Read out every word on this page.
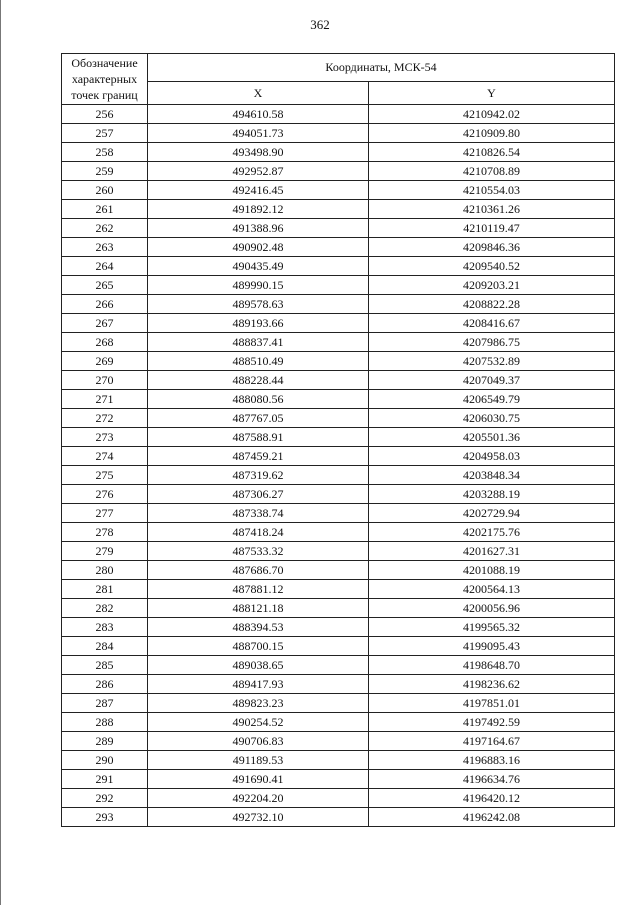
362
Обозначение характерных точек границ	Координаты, МСК-54	
	X	Y
256	494610.58	4210942.02
257	494051.73	4210909.80
258	493498.90	4210826.54
259	492952.87	4210708.89
260	492416.45	4210554.03
261	491892.12	4210361.26
262	491388.96	4210119.47
263	490902.48	4209846.36
264	490435.49	4209540.52
265	489990.15	4209203.21
266	489578.63	4208822.28
267	489193.66	4208416.67
268	488837.41	4207986.75
269	488510.49	4207532.89
270	488228.44	4207049.37
271	488080.56	4206549.79
272	487767.05	4206030.75
273	487588.91	4205501.36
274	487459.21	4204958.03
275	487319.62	4203848.34
276	487306.27	4203288.19
277	487338.74	4202729.94
278	487418.24	4202175.76
279	487533.32	4201627.31
280	487686.70	4201088.19
281	487881.12	4200564.13
282	488121.18	4200056.96
283	488394.53	4199565.32
284	488700.15	4199095.43
285	489038.65	4198648.70
286	489417.93	4198236.62
287	489823.23	4197851.01
288	490254.52	4197492.59
289	490706.83	4197164.67
290	491189.53	4196883.16
291	491690.41	4196634.76
292	492204.20	4196420.12
293	492732.10	4196242.08
